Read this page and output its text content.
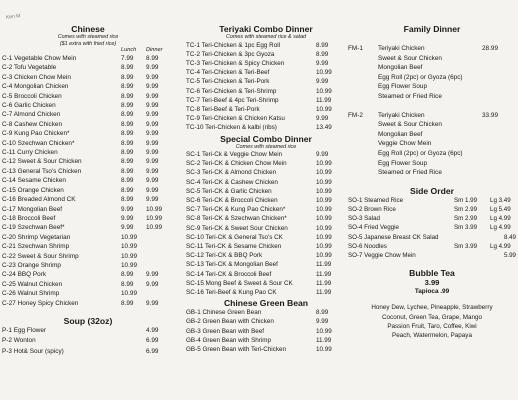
Ken M
Chinese
Comes with steamed rice
($1 extra with fried rice)
Lunch	Dinner
C-1 Vegetable Chow Mein	7.99	8.99
C-2 Tofu Vegetable	8.99	9.99
C-3 Chicken Chow Mein	8.99	9.99
C-4 Mongolian Chicken	8.99	9.99
C-5 Broccoli Chicken	8.99	9.99
C-6 Garlic Chicken	8.99	9.99
C-7 Almond Chicken	8.99	9.99
C-8 Cashew Chicken	8.99	9.99
C-9 Kung Pao Chicken*	8.99	9.99
C-10 Szechwan Chicken*	8.99	9.99
C-11 Curry Chicken	8.99	9.99
C-12 Sweet & Sour Chicken	8.99	9.99
C-13 General Tso's Chicken	8.99	9.99
C-14 Sesame Chicken	8.99	9.99
C-15 Orange Chicken	8.99	9.99
C-16 Breaded Almond CK	8.99	9.99
C-17 Mongolian Beef	9.99	10.99
C-18 Broccoli Beef	9.99	10.99
C-19 Szechwan Beef*	9.99	10.99
C-20 Shrimp Vegetarian	10.99
C-21 Szechwan Shrimp	10.99
C-22 Sweet & Sour Shrimp	10.99
C-23 Orange Shrimp	10.99
C-24 BBQ Pork	8.99	9.99
C-25 Walnut Chicken	8.99	9.99
C-26 Walnut Shrimp	10.99
C-27 Honey Spicy Chicken	8.99	9.99
Soup (32oz)
P-1 Egg Flower	4.99
P-2 Wonton	6.99
P-3 Hot& Sour (spicy)	6.99
Teriyaki Combo Dinner
Comes with steamed rice & salad
TC-1 Teri-Chicken & 1pc Egg Roll	8.99
TC-2 Teri-Chicken & 3pc Gyoza	8.99
TC-3 Teri-Chicken & Spicy Chicken	9.99
TC-4 Teri-Chicken & Teri-Beef	10.99
TC-5 Teri-Chicken & Teri-Pork	9.99
TC-6 Teri-Chicken & Teri-Shrimp	10.99
TC-7 Teri-Beef & 4pc Teri-Shrimp	11.99
TC-8 Teri-Beef & Teri-Pork	10.99
TC-9 Teri-Chicken & Chicken Katsu	9.99
TC-10 Teri-Chicken & kalbi (ribs)	13.49
Special Combo Dinner
Comes with steamed rice
SC-1 Teri-Ck & Veggie Chow Mein	9.99
SC-2 Teri-CK & Chicken Chow Mein	10.99
SC-3 Teri-CK & Almond Chicken	10.99
SC-4 Teri-CK & Cashew Chicken	10.99
SC-5 Teri-CK & Garlic Chicken	10.99
SC-6 Teri-CK & Broccoli Chicken	10.99
SC-7 Teri-CK & Kung Pao Chicken*	10.99
SC-8 Teri-CK & Szechwan Chicken*	10.99
SC-9 Teri-CK & Sweet Sour Chicken	10.99
SC-10 Teri-CK & General Tso's CK	10.99
SC-11 Teri-CK & Sesame Chicken	10.99
SC-12 Teri-CK & BBQ Pork	10.99
SC-13 Teri-CK & Mongolian Beef	11.99
SC-14 Teri-CK & Broccoli Beef	11.99
SC-15 Mong Beef & Sweet & Sour CK	11.99
SC-16 Teri-Beef & Kung Pao CK	11.99
Chinese Green Bean
GB-1 Chinese Green Bean	8.99
GB-2 Green Bean with Chicken	9.99
GB-3 Green Bean with Beef	10.99
GB-4 Green Bean with Shrimp	11.99
GB-5 Green Bean with Teri-Chicken	10.99
Family Dinner
FM-1	Teriyaki Chicken
Sweet & Sour Chicken
Mongolian Beef
Egg Roll (2pc) or Gyoza (6pc)
Egg Flower Soup
Steamed or Fried Rice
28.99
FM-2	Teriyaki Chicken
Sweet & Sour Chicken
Mongolian Beef
Veggie Chow Mein
Egg Roll (2pc) or Gyoza (6pc)
Egg Flower Soup
Steamed or Fried Rice
33.99
Side Order
SO-1 Steamed Rice	Sm 1.99	Lg 3.49
SO-2 Brown Rice	Sm 2.99	Lg 5.49
SO-3 Salad	Sm 2.99	Lg 4.99
SO-4 Fried Veggie	Sm 3.99	Lg 4.99
SO-5 Japanese Breast CK Salad	8.49
SO-6 Noodles	Sm 3.99	Lg 4.99
SO-7 Veggie Chow Mein	5.99
Bubble Tea
3.99
Tapioca .99
Honey Dew, Lychee, Pineapple, Strawberry
Coconut, Green Tea, Grape, Mango
Passion Fruit, Taro, Coffee, Kiwi
Peach, Watermelon, Papaya
